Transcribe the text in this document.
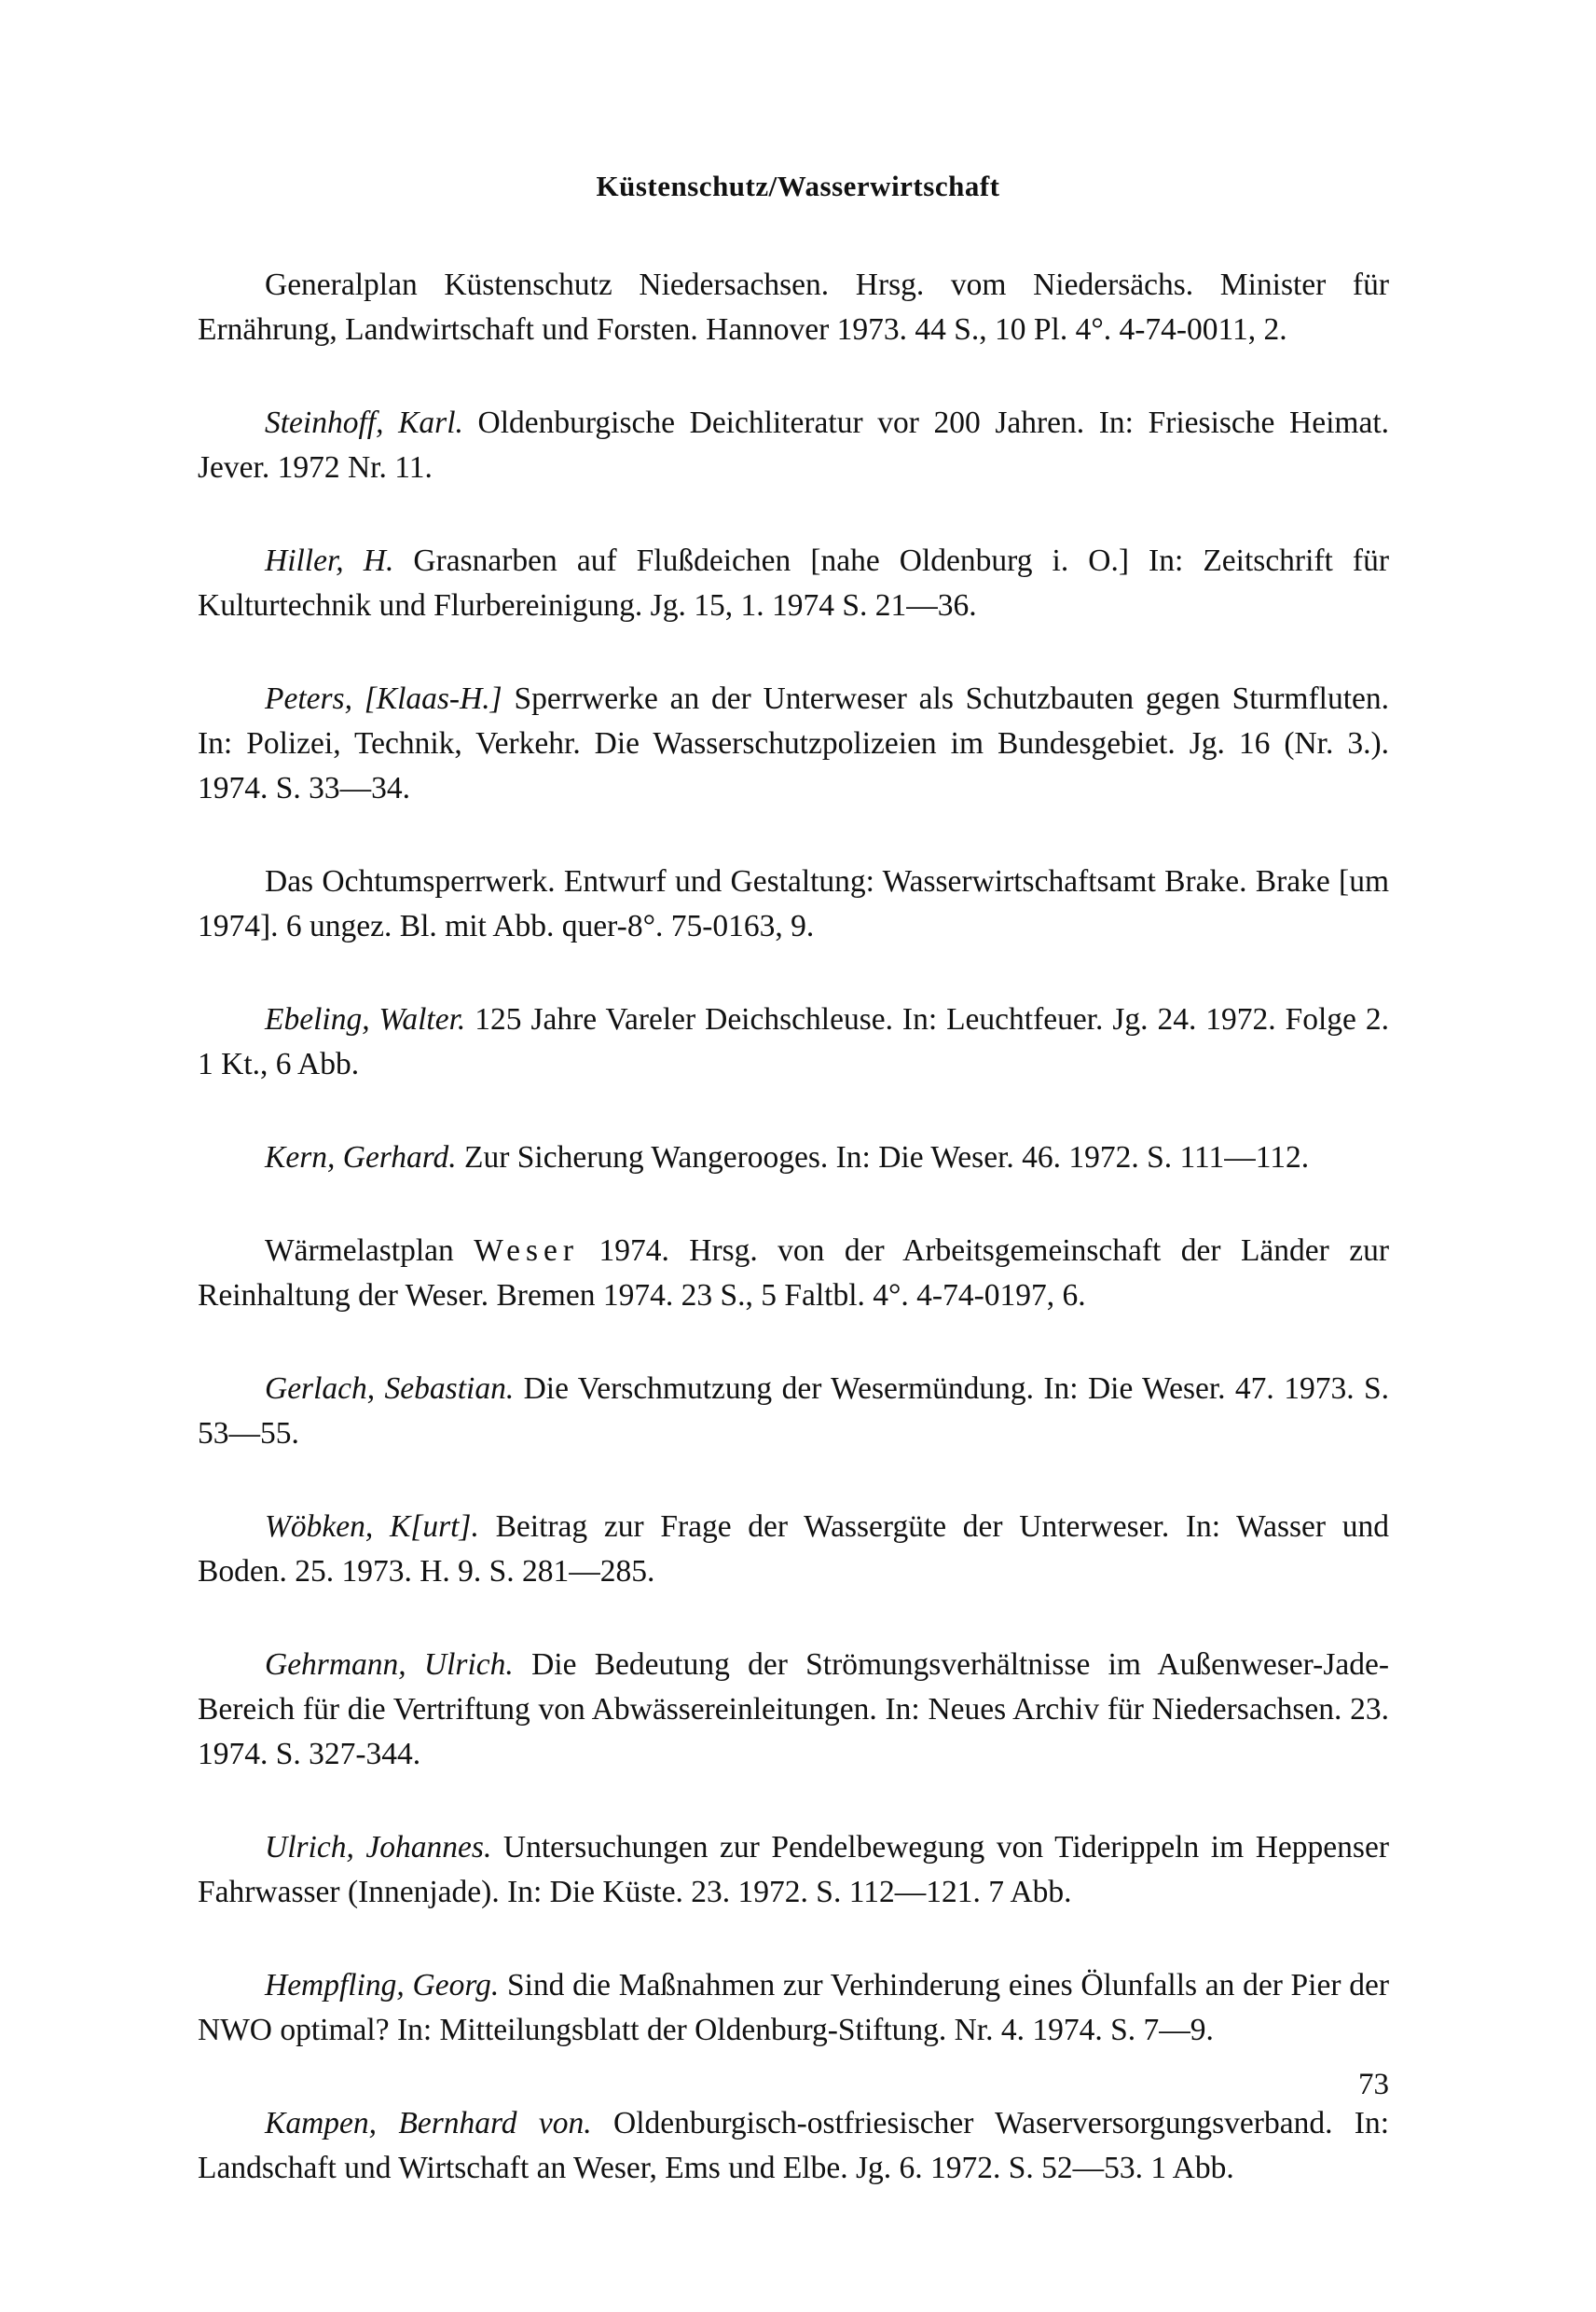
Küstenschutz/Wasserwirtschaft

Generalplan Küstenschutz Niedersachsen. Hrsg. vom Niedersächs. Minister für Ernährung, Landwirtschaft und Forsten. Hannover 1973. 44 S., 10 Pl. 4°. 4-74-0011, 2.

Steinhoff, Karl. Oldenburgische Deichliteratur vor 200 Jahren. In: Friesische Heimat. Jever. 1972 Nr. 11.

Hiller, H. Grasnarben auf Flußdeichen [nahe Oldenburg i. O.] In: Zeitschrift für Kulturtechnik und Flurbereinigung. Jg. 15, 1. 1974 S. 21—36.

Peters, [Klaas-H.] Sperrwerke an der Unterweser als Schutzbauten gegen Sturmfluten. In: Polizei, Technik, Verkehr. Die Wasserschutzpolizeien im Bundesgebiet. Jg. 16 (Nr. 3.). 1974. S. 33—34.

Das Ochtumsperrwerk. Entwurf und Gestaltung: Wasserwirtschaftsamt Brake. Brake [um 1974]. 6 ungez. Bl. mit Abb. quer-8°. 75-0163, 9.

Ebeling, Walter. 125 Jahre Vareler Deichschleuse. In: Leuchtfeuer. Jg. 24. 1972. Folge 2. 1 Kt., 6 Abb.

Kern, Gerhard. Zur Sicherung Wangerooges. In: Die Weser. 46. 1972. S. 111—112.

Wärmelastplan Weser 1974. Hrsg. von der Arbeitsgemeinschaft der Länder zur Reinhaltung der Weser. Bremen 1974. 23 S., 5 Faltbl. 4°. 4-74-0197, 6.

Gerlach, Sebastian. Die Verschmutzung der Wesermündung. In: Die Weser. 47. 1973. S. 53—55.

Wöbken, K[urt]. Beitrag zur Frage der Wassergüte der Unterweser. In: Wasser und Boden. 25. 1973. H. 9. S. 281—285.

Gehrmann, Ulrich. Die Bedeutung der Strömungsverhältnisse im Außenweser-Jade-Bereich für die Vertriftung von Abwässereinleitungen. In: Neues Archiv für Niedersachsen. 23. 1974. S. 327-344.

Ulrich, Johannes. Untersuchungen zur Pendelbewegung von Tiderippeln im Heppenser Fahrwasser (Innenjade). In: Die Küste. 23. 1972. S. 112—121. 7 Abb.

Hempfling, Georg. Sind die Maßnahmen zur Verhinderung eines Ölunfalls an der Pier der NWO optimal? In: Mitteilungsblatt der Oldenburg-Stiftung. Nr. 4. 1974. S. 7—9.

Kampen, Bernhard von. Oldenburgisch-ostfriesischer Waserversorgungsverband. In: Landschaft und Wirtschaft an Weser, Ems und Elbe. Jg. 6. 1972. S. 52—53. 1 Abb.

73
